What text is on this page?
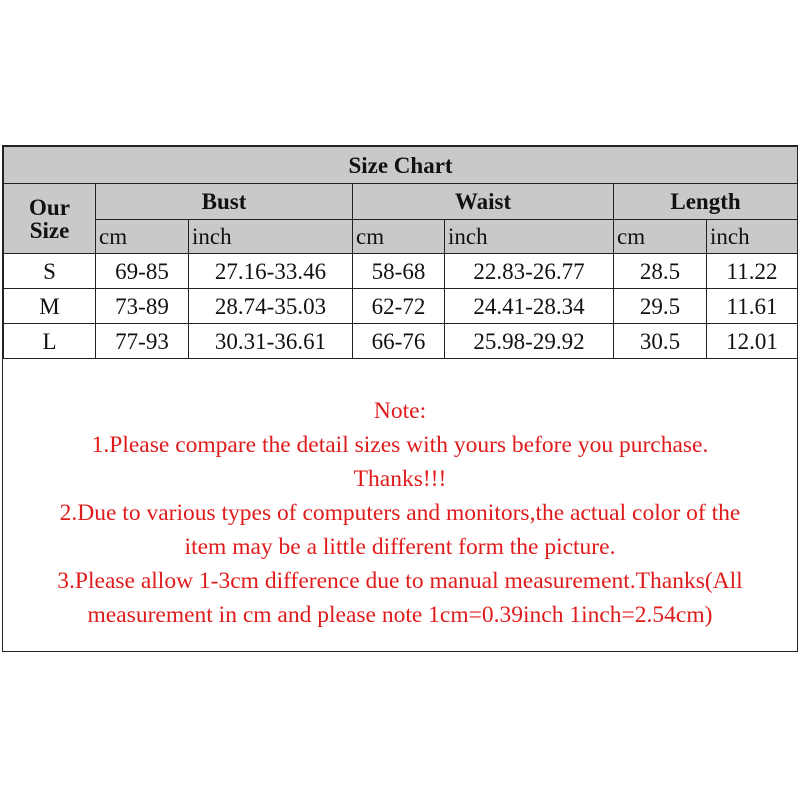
Size Chart						
Our
Size	Bust		Waist		Length	
	cm	inch	cm	inch	cm	inch
S	69-85	27.16-33.46	58-68	22.83-26.77	28.5	11.22
M	73-89	28.74-35.03	62-72	24.41-28.34	29.5	11.61
L	77-93	30.31-36.61	66-76	25.98-29.92	30.5	12.01
Note:
1.Please compare the detail sizes with yours before you purchase.
Thanks!!!
2.Due to various types of computers and monitors,the actual color of the
item may be a little different form the picture.
3.Please allow 1-3cm difference due to manual measurement.Thanks(All
measurement in cm and please note 1cm=0.39inch 1inch=2.54cm)
